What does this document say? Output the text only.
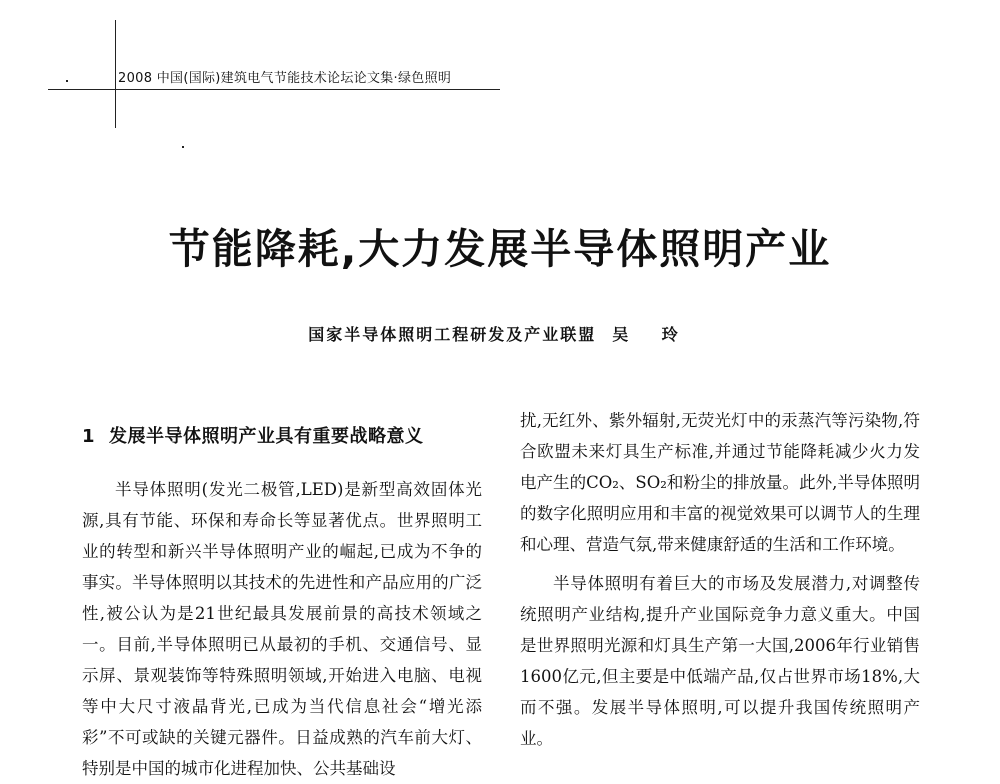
2008 中国(国际)建筑电气节能技术论坛论文集·绿色照明
节能降耗,大力发展半导体照明产业
国家半导体照明工程研发及产业联盟 吴 玲
1 发展半导体照明产业具有重要战略意义

半导体照明(发光二极管,LED)是新型高效固体光源,具有节能、环保和寿命长等显著优点。世界照明工业的转型和新兴半导体照明产业的崛起,已成为不争的事实。半导体照明以其技术的先进性和产品应用的广泛性,被公认为是21世纪最具发展前景的高技术领域之一。目前,半导体照明已从最初的手机、交通信号、显示屏、景观装饰等特殊照明领域,开始进入电脑、电视等中大尺寸液晶背光,已成为当代信息社会“增光添彩”不可或缺的关键元器件。日益成熟的汽车前大灯、特别是中国的城市化进程加快、公共基础设

扰,无红外、紫外辐射,无荧光灯中的汞蒸汽等污染物,符合欧盟未来灯具生产标准,并通过节能降耗减少火力发电产生的CO₂、SO₂和粉尘的排放量。此外,半导体照明的数字化照明应用和丰富的视觉效果可以调节人的生理和心理、营造气氛,带来健康舒适的生活和工作环境。

半导体照明有着巨大的市场及发展潜力,对调整传统照明产业结构,提升产业国际竞争力意义重大。中国是世界照明光源和灯具生产第一大国,2006年行业销售1600亿元,但主要是中低端产品,仅占世界市场18%,大而不强。发展半导体照明,可以提升我国传统照明产业。
